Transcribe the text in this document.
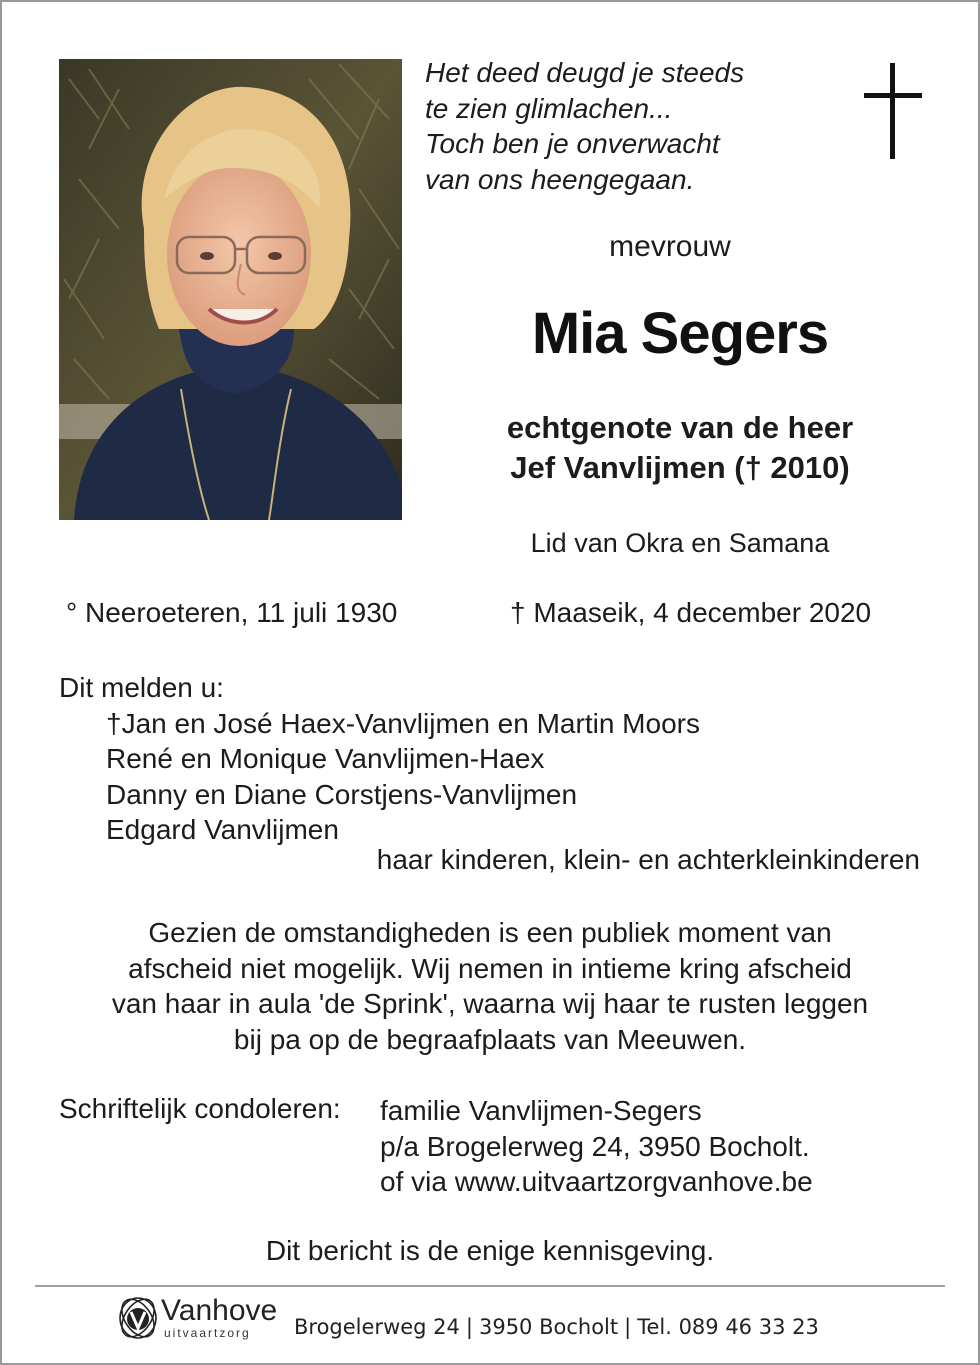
Het deed deugd je steeds
te zien glimlachen...
Toch ben je onverwacht
van ons heengegaan.
mevrouw
Mia Segers
echtgenote van de heer
Jef Vanvlijmen († 2010)
Lid van Okra en Samana
° Neeroeteren, 11 juli 1930	† Maaseik, 4 december 2020
Dit melden u:
†Jan en José Haex-Vanvlijmen en Martin Moors
René en Monique Vanvlijmen-Haex
Danny en Diane Corstjens-Vanvlijmen
Edgard Vanvlijmen
haar kinderen, klein- en achterkleinkinderen
Gezien de omstandigheden is een publiek moment van
afscheid niet mogelijk. Wij nemen in intieme kring afscheid
van haar in aula 'de Sprink', waarna wij haar te rusten leggen
bij pa op de begraafplaats van Meeuwen.
Schriftelijk condoleren: familie Vanvlijmen-Segers
p/a Brogelerweg 24, 3950 Bocholt.
of via www.uitvaartzorgvanhove.be
Dit bericht is de enige kennisgeving.
Vanhove
uitvaartzorg Brogelerweg 24 | 3950 Bocholt | Tel. 089 46 33 23
